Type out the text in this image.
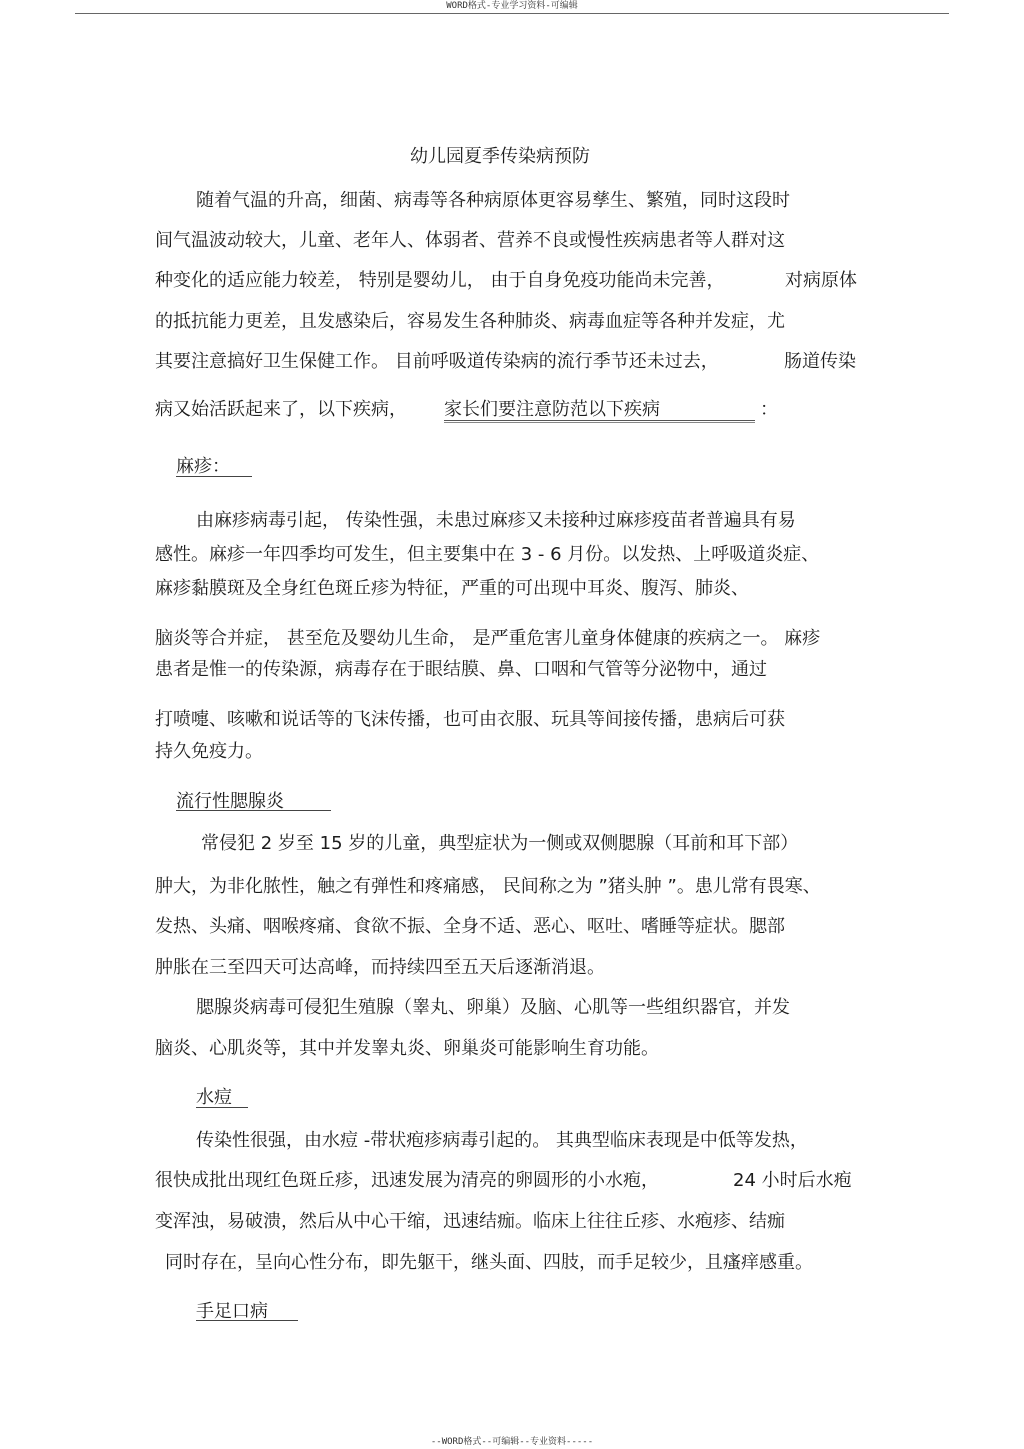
WORD格式-专业学习资料-可编辑
幼儿园夏季传染病预防
随着气温的升高，细菌、病毒等各种病原体更容易孳生、繁殖，同时这段时
间气温波动较大，儿童、老年人、体弱者、营养不良或慢性疾病患者等人群对这
种变化的适应能力较差， 特别是婴幼儿， 由于自身免疫功能尚未完善，	对病原体
的抵抗能力更差，且发感染后，容易发生各种肺炎、病毒血症等各种并发症，尤
其要注意搞好卫生保健工作。 目前呼吸道传染病的流行季节还未过去，	肠道传染
病又始活跃起来了，以下疾病， 家长们要注意防范以下疾病	：
麻疹：
由麻疹病毒引起， 传染性强，未患过麻疹又未接种过麻疹疫苗者普遍具有易
感性。麻疹一年四季均可发生，但主要集中在 3 - 6 月份。以发热、上呼吸道炎症、
麻疹黏膜斑及全身红色斑丘疹为特征，严重的可出现中耳炎、腹泻、肺炎、
脑炎等合并症， 甚至危及婴幼儿生命， 是严重危害儿童身体健康的疾病之一。 麻疹
患者是惟一的传染源，病毒存在于眼结膜、鼻、口咽和气管等分泌物中，通过
打喷嚏、咳嗽和说话等的飞沫传播，也可由衣服、玩具等间接传播，患病后可获
持久免疫力。
流行性腮腺炎
常侵犯 2 岁至 15 岁的儿童，典型症状为一侧或双侧腮腺（耳前和耳下部）
肿大，为非化脓性，触之有弹性和疼痛感， 民间称之为 ”猪头肿 ”。患儿常有畏寒、
发热、头痛、咽喉疼痛、食欲不振、全身不适、恶心、呕吐、嗜睡等症状。腮部
肿胀在三至四天可达高峰，而持续四至五天后逐渐消退。
腮腺炎病毒可侵犯生殖腺（睾丸、卵巢）及脑、心肌等一些组织器官，并发
脑炎、心肌炎等，其中并发睾丸炎、卵巢炎可能影响生育功能。
水痘
传染性很强，由水痘 -带状疱疹病毒引起的。 其典型临床表现是中低等发热，
很快成批出现红色斑丘疹，迅速发展为清亮的卵圆形的小水疱，	24 小时后水疱
变浑浊，易破溃，然后从中心干缩，迅速结痂。临床上往往丘疹、水疱疹、结痂
同时存在，呈向心性分布，即先躯干，继头面、四肢，而手足较少，且瘙痒感重。
手足口病
--WORD格式--可编辑--专业资料-----
